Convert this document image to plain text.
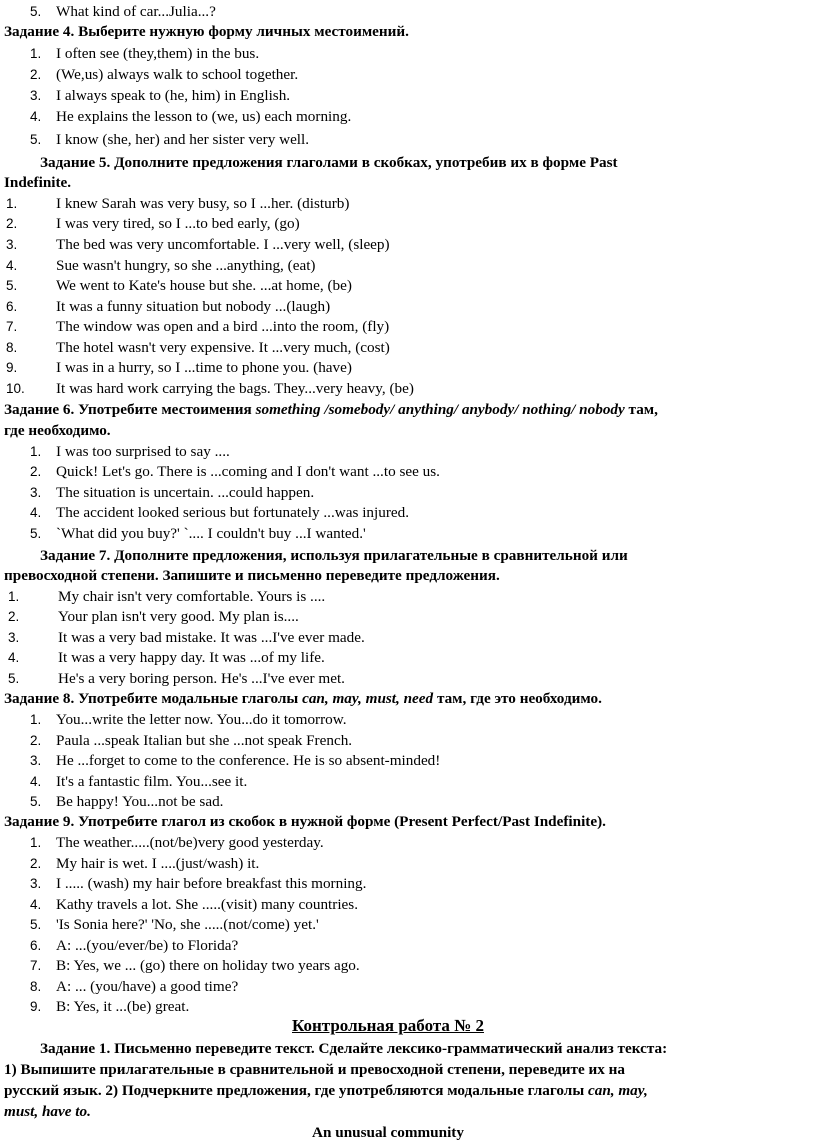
Контрольная работа № 2
An unusual community
5. What kind of car...Julia...?
Задание 4. Выберите нужную форму личных местоимений.
1. I often see (they,them) in the bus.
2. (We,us) always walk to school together.
3. I always speak to (he, him) in English.
4. He explains the lesson to (we, us) each morning.
5. I know (she, her) and her sister very well.
Задание 5. Дополните предложения глаголами в скобках, употребив их в форме Past
Indefinite.
1.	I knew Sarah was very busy, so I ...her. (disturb)
2.	I was very tired, so I ...to bed early, (go)
3.	The bed was very uncomfortable. I ...very well, (sleep)
4.	Sue wasn't hungry, so she ...anything, (eat)
5.	We went to Kate's house but she. ...at home, (be)
6.	It was a funny situation but nobody ...(laugh)
7.	The window was open and a bird ...into the room, (fly)
8.	The hotel wasn't very expensive. It ...very much, (cost)
9.	I was in a hurry, so I ...time to phone you. (have)
10. It was hard work carrying the bags. They...very heavy, (be)
Задание 6. Употребите местоимения something /somebody/ anything/ anybody/ nothing/ nobody там,
где необходимо.
1. I was too surprised to say ....
2. Quick! Let's go. There is ...coming and I don't want ...to see us.
3. The situation is uncertain. ...could happen.
4. The accident looked serious but fortunately ...was injured.
5. `What did you buy?' `.... I couldn't buy ...I wanted.'
Задание 7. Дополните предложения, используя прилагательные в сравнительной или
превосходной степени. Запишите и письменно переведите предложения.
1.	My chair isn't very comfortable. Yours is ....
2.	Your plan isn't very good. My plan is....
3.	It was a very bad mistake. It was ...I've ever made.
4.	It was a very happy day. It was ...of my life.
5.	He's a very boring person. He's ...I've ever met.
Задание 8. Употребите модальные глаголы can, may, must, need там, где это необходимо.
1. You...write the letter now. You...do it tomorrow.
2. Paula ...speak Italian but she ...not speak French.
3. He ...forget to come to the conference. He is so absent-minded!
4. It's a fantastic film. You...see it.
5. Be happy! You...not be sad.
Задание 9. Употребите глагол из скобок в нужной форме (Present Perfect/Past Indefinite).
1. The weather.....(not/be)very good yesterday.
2. My hair is wet. I ....(just/wash) it.
3. I ..... (wash) my hair before breakfast this morning.
4. Kathy travels a lot. She .....(visit) many countries.
5. 'Is Sonia here?' 'No, she .....(not/come) yet.'
6. A: ...(you/ever/be) to Florida?
7. B: Yes, we ... (go) there on holiday two years ago.
8. A: ... (you/have) a good time?
9. B: Yes, it ...(be) great.
Задание 1. Письменно переведите текст. Сделайте лексико-грамматический анализ текста:
1) Выпишите прилагательные в сравнительной и превосходной степени, переведите их на
русский язык. 2) Подчеркните предложения, где употребляются модальные глаголы can, may,
must, have to.
